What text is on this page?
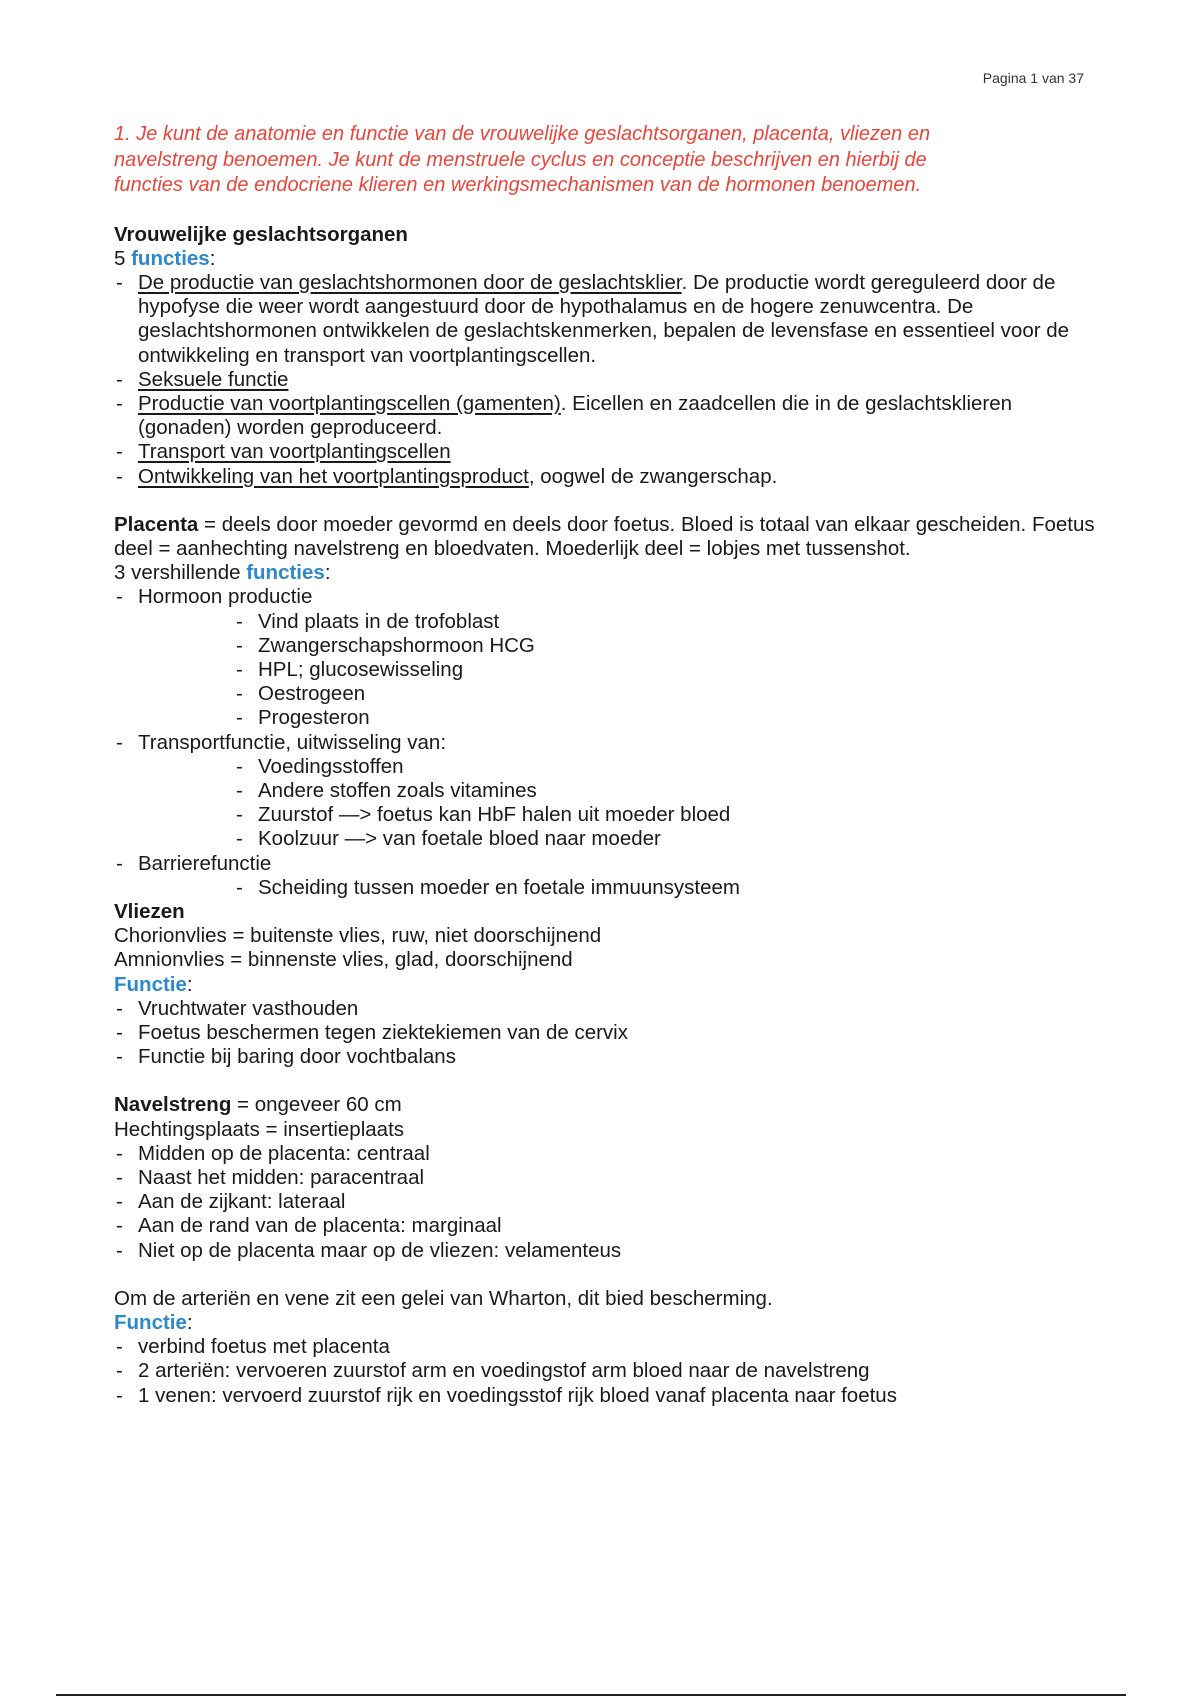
Pagina 1 van 37

1. Je kunt de anatomie en functie van de vrouwelijke geslachtsorganen, placenta, vliezen en

navelstreng benoemen. Je kunt de menstruele cyclus en conceptie beschrijven en hierbij de

functies van de endocriene klieren en werkingsmechanismen van de hormonen benoemen.

Vrouwelijke geslachtsorganen
5 functies:
- De productie van geslachtshormonen door de geslachtsklier. De productie wordt gereguleerd door de hypofyse die weer wordt aangestuurd door de hypothalamus en de hogere zenuwcentra. De geslachtshormonen ontwikkelen de geslachtskenmerken, bepalen de levensfase en essentieel voor de ontwikkeling en transport van voortplantingscellen.
- Seksuele functie
- Productie van voortplantingscellen (gamenten). Eicellen en zaadcellen die in de geslachtsklieren (gonaden) worden geproduceerd.
- Transport van voortplantingscellen
- Ontwikkeling van het voortplantingsproduct, oogwel de zwangerschap.

Placenta = deels door moeder gevormd en deels door foetus. Bloed is totaal van elkaar gescheiden. Foetus deel = aanhechting navelstreng en bloedvaten. Moederlijk deel = lobjes met tussenshot.

3 vershillende functies:
- Hormoon productie
- Vind plaats in de trofoblast
- Zwangerschapshormoon HCG
- HPL; glucosewisseling
- Oestrogeen
- Progesteron
- Transportfunctie, uitwisseling van:
- Voedingsstoffen
- Andere stoffen zoals vitamines
- Zuurstof —> foetus kan HbF halen uit moeder bloed
- Koolzuur —> van foetale bloed naar moeder
- Barrierefunctie
- Scheiding tussen moeder en foetale immuunsysteem
Vliezen
Chorionvlies = buitenste vlies, ruw, niet doorschijnend
Amnionvlies = binnenste vlies, glad, doorschijnend
Functie:
- Vruchtwater vasthouden
- Foetus beschermen tegen ziektekiemen van de cervix
- Functie bij baring door vochtbalans
Navelstreng = ongeveer 60 cm
Hechtingsplaats = insertieplaats
- Midden op de placenta: centraal
- Naast het midden: paracentraal
- Aan de zijkant: lateraal
- Aan de rand van de placenta: marginaal
- Niet op de placenta maar op de vliezen: velamenteus
Om de arteriën en vene zit een gelei van Wharton, dit bied bescherming.
Functie:
- verbind foetus met placenta
- 2 arteriën: vervoeren zuurstof arm en voedingstof arm bloed naar de navelstreng
- 1 venen: vervoerd zuurstof rijk en voedingsstof rijk bloed vanaf placenta naar foetus
